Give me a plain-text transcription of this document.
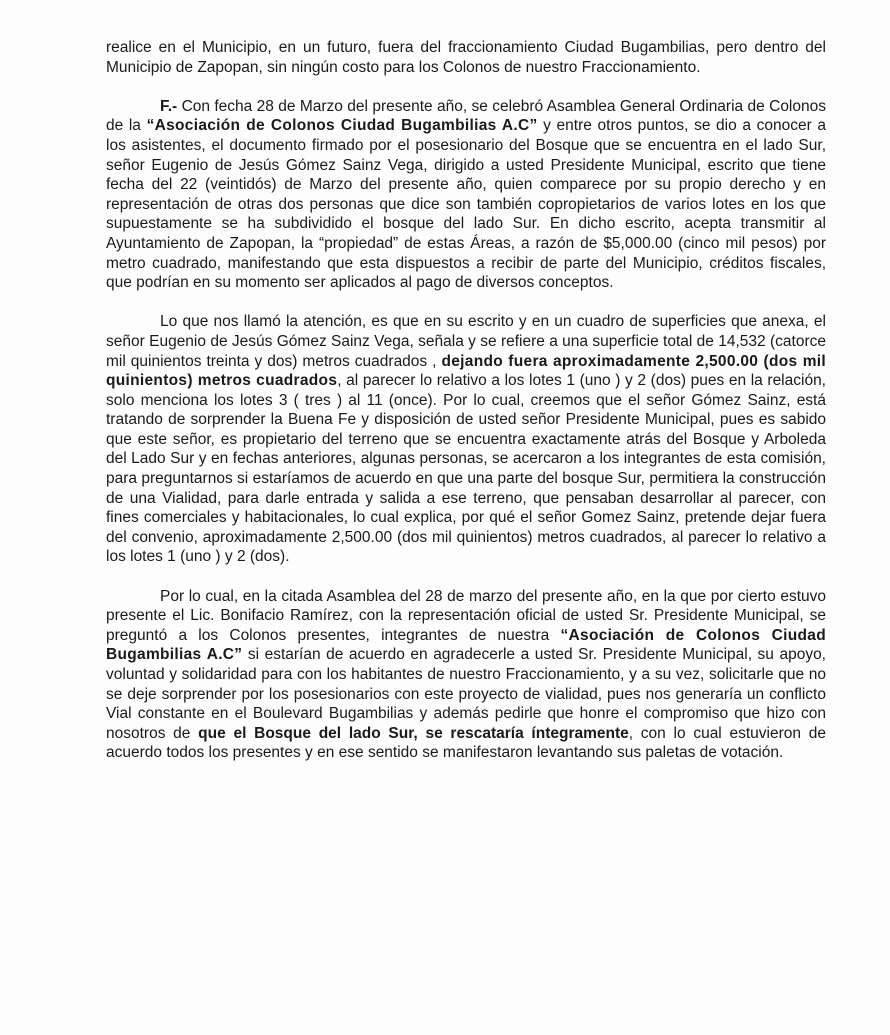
realice en el Municipio, en un futuro, fuera del fraccionamiento Ciudad Bugambilias, pero dentro del Municipio de Zapopan, sin ningún costo para los Colonos de nuestro Fraccionamiento.

F.- Con fecha 28 de Marzo del presente año, se celebró Asamblea General Ordinaria de Colonos de la “Asociación de Colonos Ciudad Bugambilias A.C” y entre otros puntos, se dio a conocer a los asistentes, el documento firmado por el posesionario del Bosque que se encuentra en el lado Sur, señor Eugenio de Jesús Gómez Sainz Vega, dirigido a usted Presidente Municipal, escrito que tiene fecha del 22 (veintidós) de Marzo del presente año, quien comparece por su propio derecho y en representación de otras dos personas que dice son también copropietarios de varios lotes en los que supuestamente se ha subdividido el bosque del lado Sur. En dicho escrito, acepta transmitir al Ayuntamiento de Zapopan, la “propiedad” de estas Áreas, a razón de $5,000.00 (cinco mil pesos) por metro cuadrado, manifestando que esta dispuestos a recibir de parte del Municipio, créditos fiscales, que podrían en su momento ser aplicados al pago de diversos conceptos.

Lo que nos llamó la atención, es que en su escrito y en un cuadro de superficies que anexa, el señor Eugenio de Jesús Gómez Sainz Vega, señala y se refiere a una superficie total de 14,532 (catorce mil quinientos treinta y dos) metros cuadrados , dejando fuera aproximadamente 2,500.00 (dos mil quinientos) metros cuadrados, al parecer lo relativo a los lotes 1 (uno ) y 2 (dos) pues en la relación, solo menciona los lotes 3 ( tres ) al 11 (once). Por lo cual, creemos que el señor Gómez Sainz, está tratando de sorprender la Buena Fe y disposición de usted señor Presidente Municipal, pues es sabido que este señor, es propietario del terreno que se encuentra exactamente atrás del Bosque y Arboleda del Lado Sur y en fechas anteriores, algunas personas, se acercaron a los integrantes de esta comisión, para preguntarnos si estaríamos de acuerdo en que una parte del bosque Sur, permitiera la construcción de una Vialidad, para darle entrada y salida a ese terreno, que pensaban desarrollar al parecer, con fines comerciales y habitacionales, lo cual explica, por qué el señor Gomez Sainz, pretende dejar fuera del convenio, aproximadamente 2,500.00 (dos mil quinientos) metros cuadrados, al parecer lo relativo a los lotes 1 (uno ) y 2 (dos).

Por lo cual, en la citada Asamblea del 28 de marzo del presente año, en la que por cierto estuvo presente el Lic. Bonifacio Ramírez, con la representación oficial de usted Sr. Presidente Municipal, se preguntó a los Colonos presentes, integrantes de nuestra “Asociación de Colonos Ciudad Bugambilias A.C” si estarían de acuerdo en agradecerle a usted Sr. Presidente Municipal, su apoyo, voluntad y solidaridad para con los habitantes de nuestro Fraccionamiento, y a su vez, solicitarle que no se deje sorprender por los posesionarios con este proyecto de vialidad, pues nos generaría un conflicto Vial constante en el Boulevard Bugambilias y además pedirle que honre el compromiso que hizo con nosotros de que el Bosque del lado Sur, se rescataría íntegramente, con lo cual estuvieron de acuerdo todos los presentes y en ese sentido se manifestaron levantando sus paletas de votación.
